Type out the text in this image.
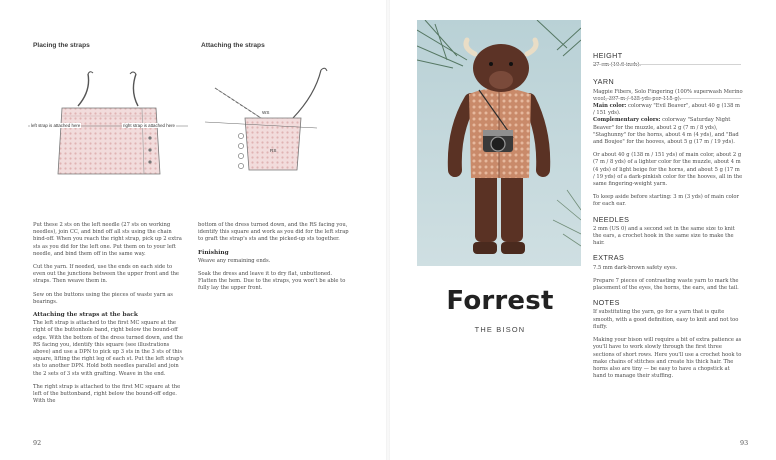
Placing the straps	Attaching the straps
left strap is attached here	right strap is attached here
WS
RS

Put these 2 sts on the left needle (27 sts on working needles), join CC, and bind off all sts using the chain bind-off. When you reach the right strap, pick up 2 extra sts as you did for the left one. Put them on to your left needle, and bind them off in the same way.

Cut the yarn. If needed, use the ends on each side to even out the junctions between the upper front and the straps. Then weave them in.

Sew on the buttons using the pieces of waste yarn as bearings.

Attaching the straps at the back

The left strap is attached to the first MC square at the right of the buttonhole band, right below the bound-off edge. With the bottom of the dress turned down, and the RS facing you, identify this square (see illustrations above) and use a DPN to pick up 3 sts in the 3 sts of this square, lifting the right leg of each st. Put the left strap's sts to another DPN. Hold both needles parallel and join the 2 sets of 3 sts with grafting. Weave in the end.

The right strap is attached to the first MC square at the left of the buttonband, right below the bound-off edge. With the

bottom of the dress turned down, and the RS facing you, identify this square and work as you did for the left strap to graft the strap's sts and the picked-up sts together.

Finishing

Weave any remaining ends.

Soak the dress and leave it to dry flat, unbuttoned. Flatten the hem. Due to the straps, you won't be able to fully lay the upper front.

92
Forrest
THE BISON
HEIGHT

27 cm (10.6 inch).

YARN

Magpie Fibers, Solo Fingering (100% superwash Merino wool, 397 m / 435 yds per 115 g).

Main color: colorway "Evil Beaver", about 40 g (138 m / 151 yds).

Complementary colors: colorway "Saturday Night Beaver" for the muzzle, about 2 g (7 m / 8 yds), "Staghunny" for the horns, about 4 m (4 yds), and "Bad and Boujee" for the hooves, about 5 g (17 m / 19 yds).

Or about 40 g (138 m / 151 yds) of main color, about 2 g (7 m / 8 yds) of a lighter color for the muzzle, about 4 m (4 yds) of light beige for the horns, and about 5 g (17 m / 19 yds) of a dark-pinkish color for the hooves, all in the same fingering-weight yarn.

To keep aside before starting: 3 m (3 yds) of main color for each ear.

NEEDLES

2 mm (US 0) and a second set in the same size to knit the ears, a crochet hook in the same size to make the hair.

EXTRAS

7.5 mm dark-brown safety eyes.

Prepare 7 pieces of contrasting waste yarn to mark the placement of the eyes, the horns, the ears, and the tail.

NOTES

If substituting the yarn, go for a yarn that is quite smooth, with a good definition, easy to knit and not too fluffy.

Making your bison will require a bit of extra patience as you'll have to work slowly through the first three sections of short rows. Here you'll use a crochet hook to make chains of stitches and create his thick hair. The horns also are tiny — be easy to have a chopstick at hand to manage their stuffing.

93
